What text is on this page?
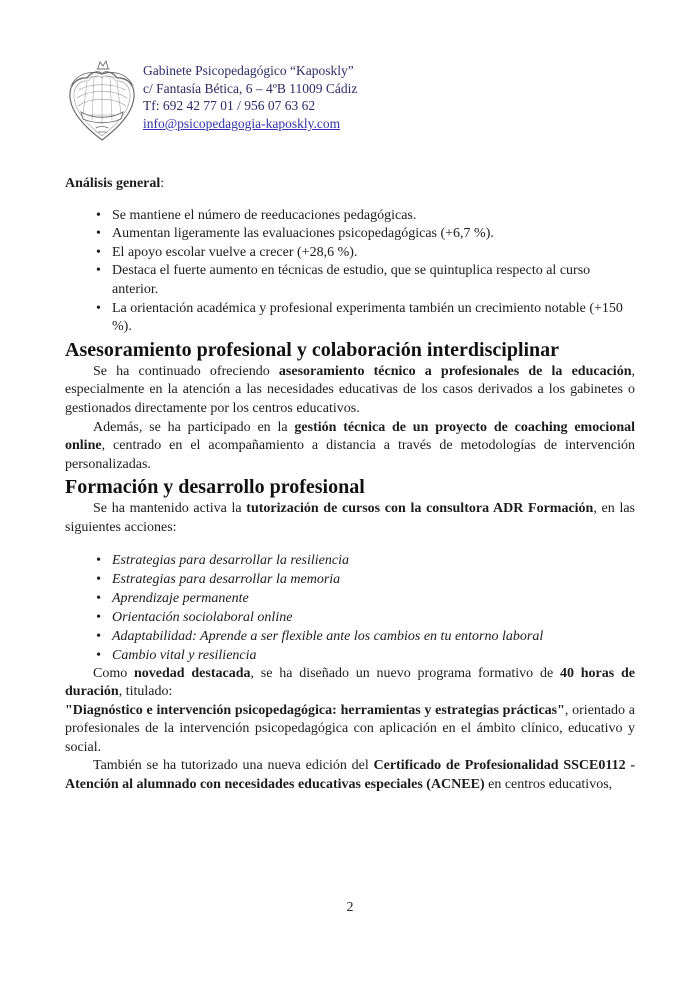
Gabinete Psicopedagógico “Kaposkly”
c/ Fantasía Bética, 6 – 4ºB 11009 Cádiz
Tf: 692 42 77 01 / 956 07 63 62
info@psicopedagogia-kaposkly.com

Análisis general:

• Se mantiene el número de reeducaciones pedagógicas.
• Aumentan ligeramente las evaluaciones psicopedagógicas (+6,7 %).
• El apoyo escolar vuelve a crecer (+28,6 %).
• Destaca el fuerte aumento en técnicas de estudio, que se quintuplica respecto al curso anterior.
• La orientación académica y profesional experimenta también un crecimiento notable (+150 %).
Asesoramiento profesional y colaboración interdisciplinar

Se ha continuado ofreciendo asesoramiento técnico a profesionales de la educación, especialmente en la atención a las necesidades educativas de los casos derivados a los gabinetes o gestionados directamente por los centros educativos.

Además, se ha participado en la gestión técnica de un proyecto de coaching emocional online, centrado en el acompañamiento a distancia a través de metodologías de intervención personalizadas.

Formación y desarrollo profesional

Se ha mantenido activa la tutorización de cursos con la consultora ADR Formación, en las siguientes acciones:

• Estrategias para desarrollar la resiliencia
• Estrategias para desarrollar la memoria
• Aprendizaje permanente
• Orientación sociolaboral online
• Adaptabilidad: Aprende a ser flexible ante los cambios en tu entorno laboral
• Cambio vital y resiliencia

Como novedad destacada, se ha diseñado un nuevo programa formativo de 40 horas de duración, titulado:

"Diagnóstico e intervención psicopedagógica: herramientas y estrategias prácticas", orientado a profesionales de la intervención psicopedagógica con aplicación en el ámbito clínico, educativo y social.

También se ha tutorizado una nueva edición del Certificado de Profesionalidad SSCE0112 - Atención al alumnado con necesidades educativas especiales (ACNEE) en centros educativos,

2
